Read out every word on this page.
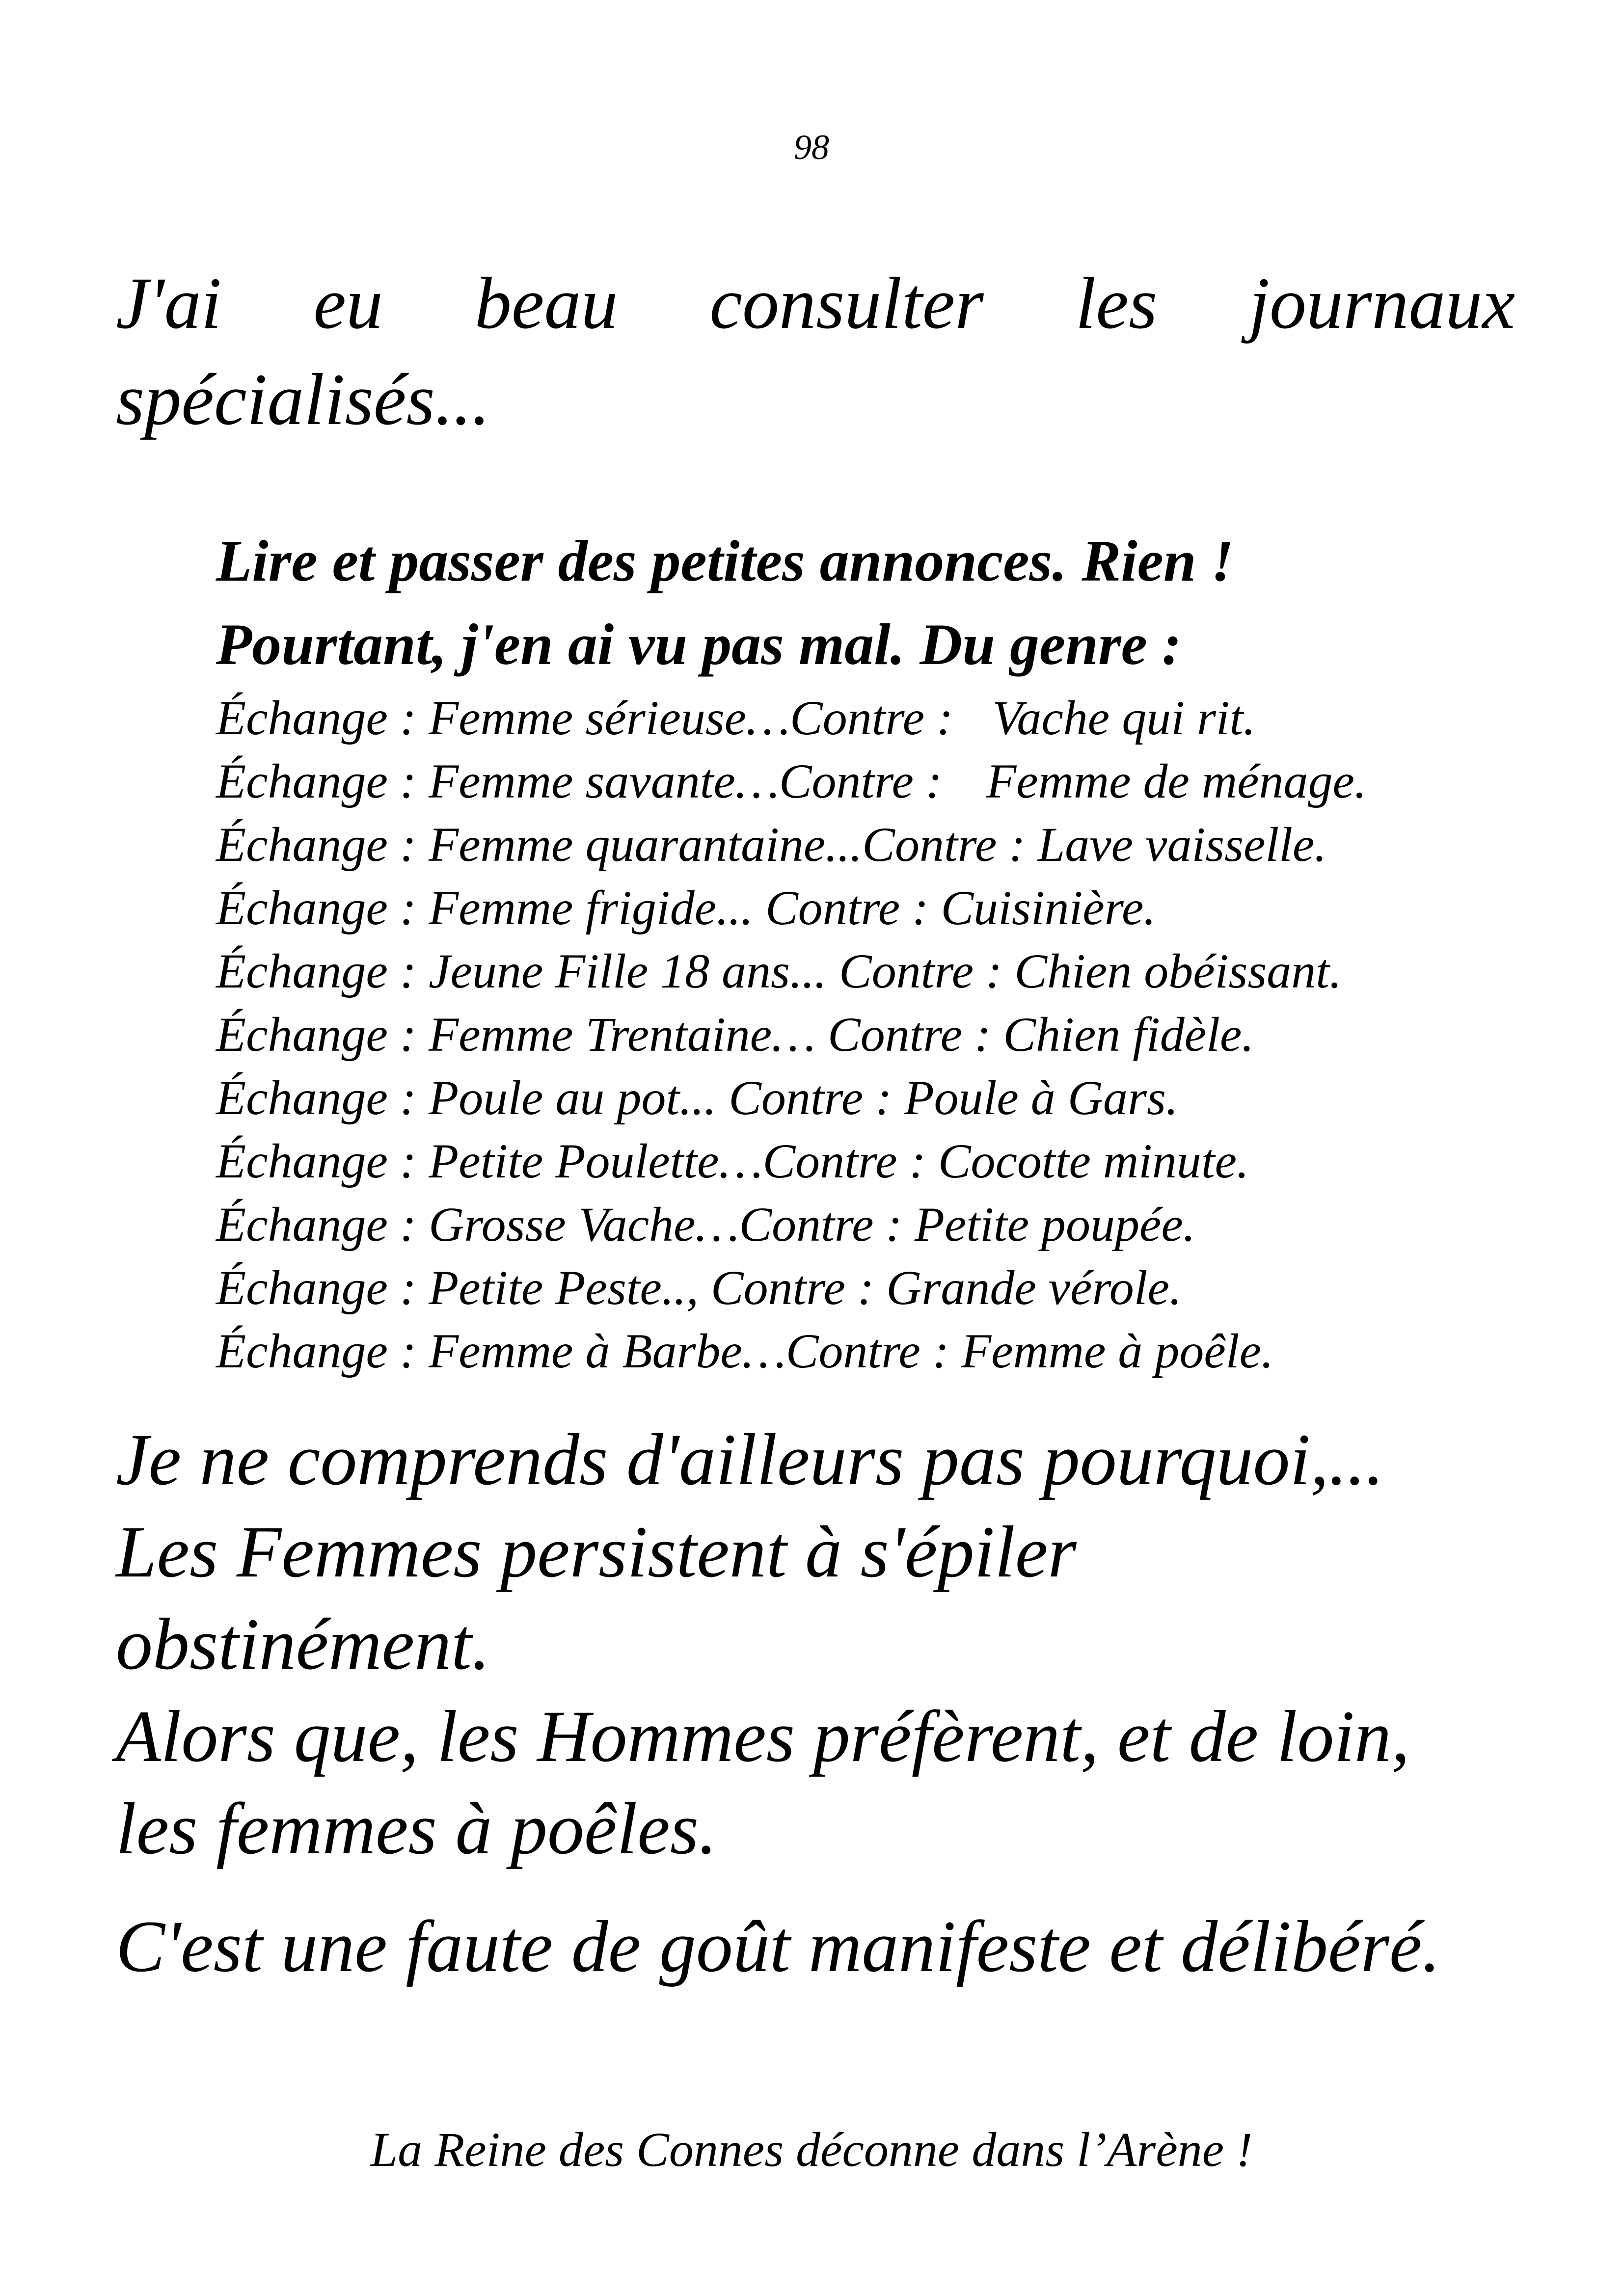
98
J'ai eu beau consulter les journaux
spécialisés...

Lire et passer des petites annonces. Rien !

Pourtant, j'en ai vu pas mal. Du genre :

Échange : Femme sérieuse…Contre : Vache qui rit.
Échange : Femme savante…Contre : Femme de ménage.
Échange : Femme quarantaine...Contre : Lave vaisselle.
Échange : Femme frigide... Contre : Cuisinière.
Échange : Jeune Fille 18 ans... Contre : Chien obéissant.
Échange : Femme Trentaine… Contre : Chien fidèle.
Échange : Poule au pot... Contre : Poule à Gars.
Échange : Petite Poulette…Contre : Cocotte minute.
Échange : Grosse Vache…Contre : Petite poupée.
Échange : Petite Peste.., Contre : Grande vérole.
Échange : Femme à Barbe…Contre : Femme à poêle.

Je ne comprends d'ailleurs pas pourquoi,...

Les Femmes persistent à s'épiler

obstinément.

Alors que, les Hommes préfèrent, et de loin,

les femmes à poêles.

C'est une faute de goût manifeste et délibéré.

La Reine des Connes déconne dans l’Arène !
